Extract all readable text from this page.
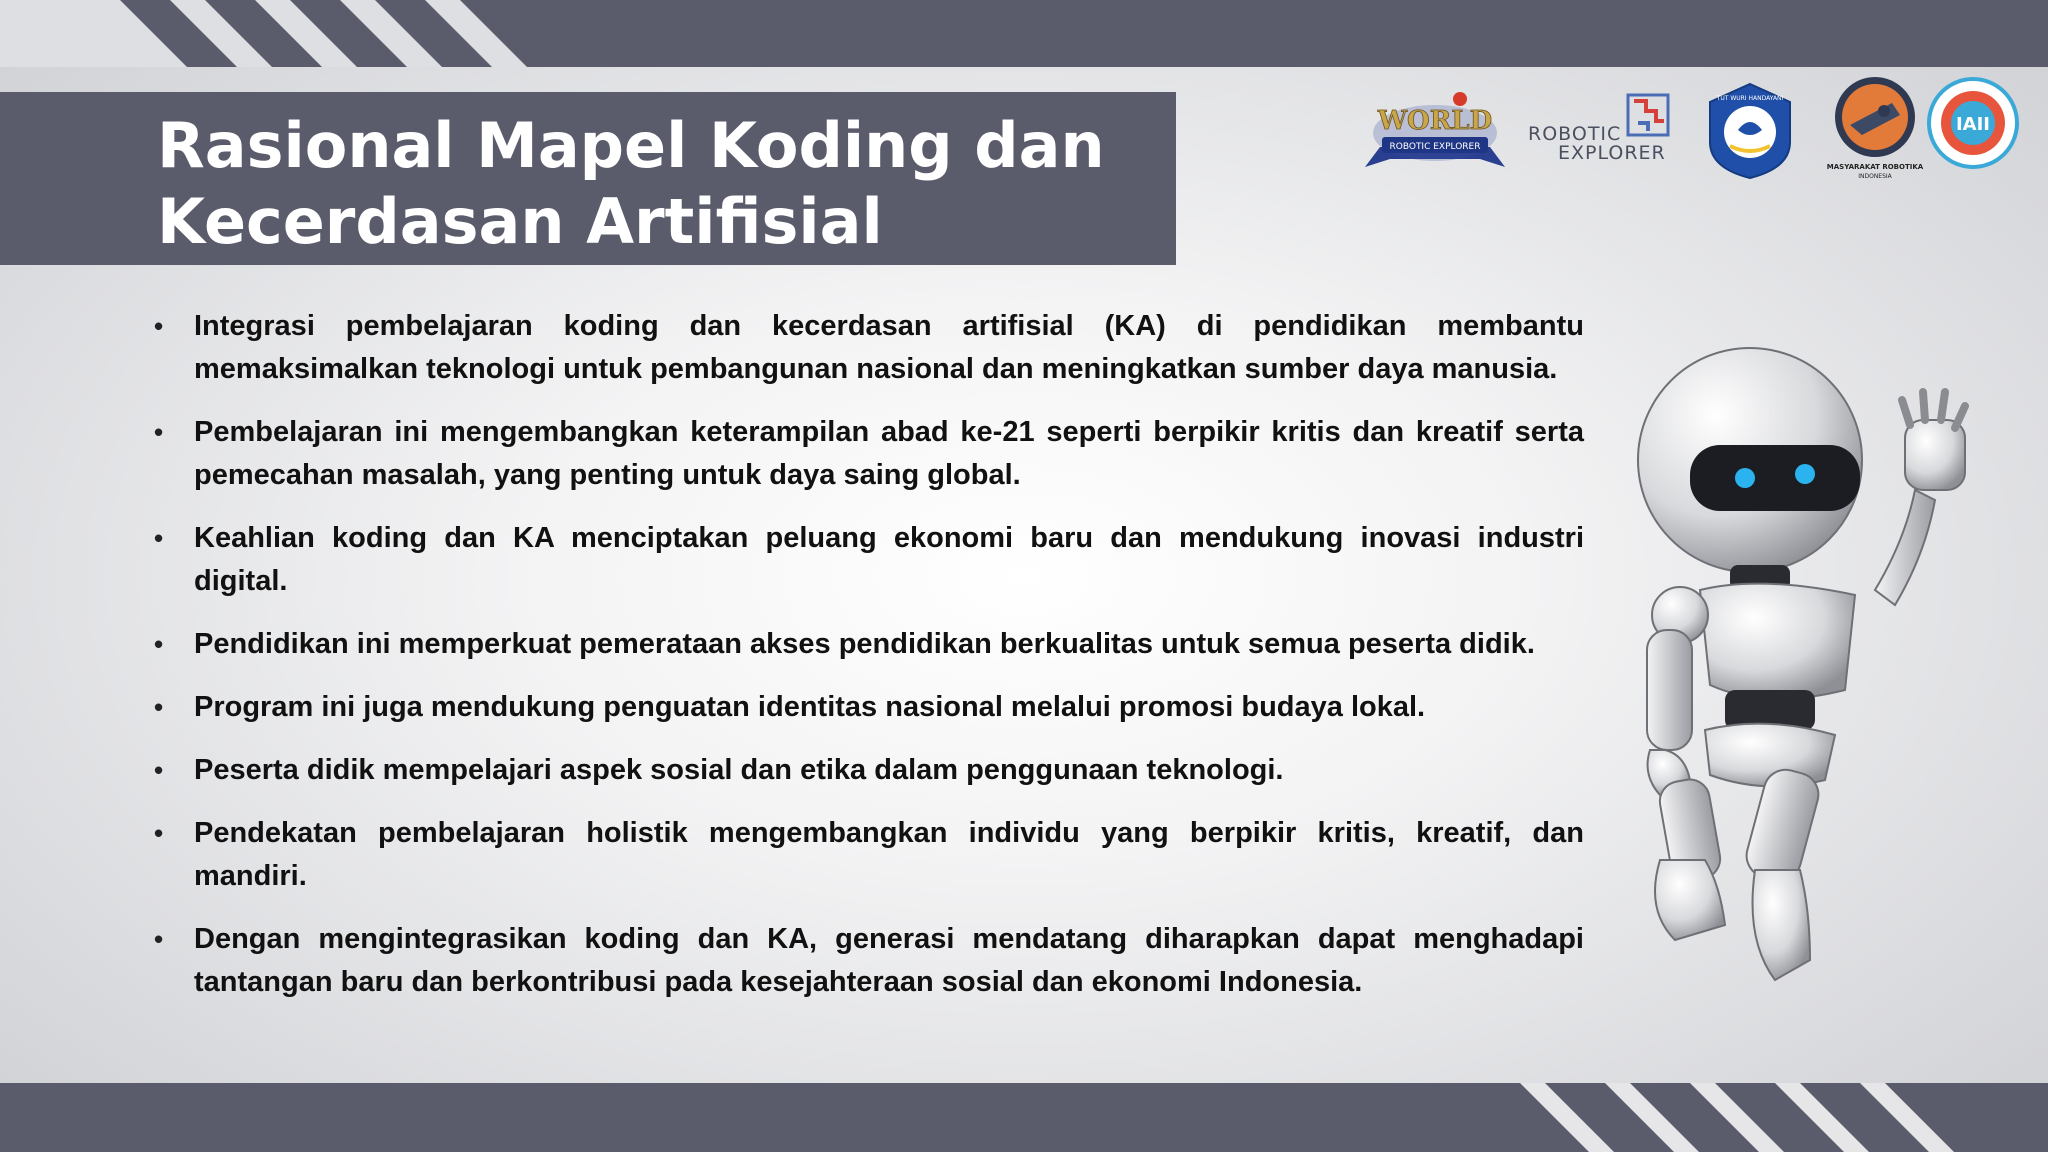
Rasional Mapel Koding dan Kecerdasan Artifisial
• Integrasi pembelajaran koding dan kecerdasan artifisial (KA) di pendidikan membantu memaksimalkan teknologi untuk pembangunan nasional dan meningkatkan sumber daya manusia.
• Pembelajaran ini mengembangkan keterampilan abad ke-21 seperti berpikir kritis dan kreatif serta pemecahan masalah, yang penting untuk daya saing global.
• Keahlian koding dan KA menciptakan peluang ekonomi baru dan mendukung inovasi industri digital.
• Pendidikan ini memperkuat pemerataan akses pendidikan berkualitas untuk semua peserta didik.
• Program ini juga mendukung penguatan identitas nasional melalui promosi budaya lokal.
• Peserta didik mempelajari aspek sosial dan etika dalam penggunaan teknologi.
• Pendekatan pembelajaran holistik mengembangkan individu yang berpikir kritis, kreatif, dan mandiri.
• Dengan mengintegrasikan koding dan KA, generasi mendatang diharapkan dapat menghadapi tantangan baru dan berkontribusi pada kesejahteraan sosial dan ekonomi Indonesia.
WORLD
ROBOTIC EXPLORER
ROBOTIC
EXPLORER
TUT WURI HANDAYANI
MASYARAKAT ROBOTIKA
INDONESIA
IAII
